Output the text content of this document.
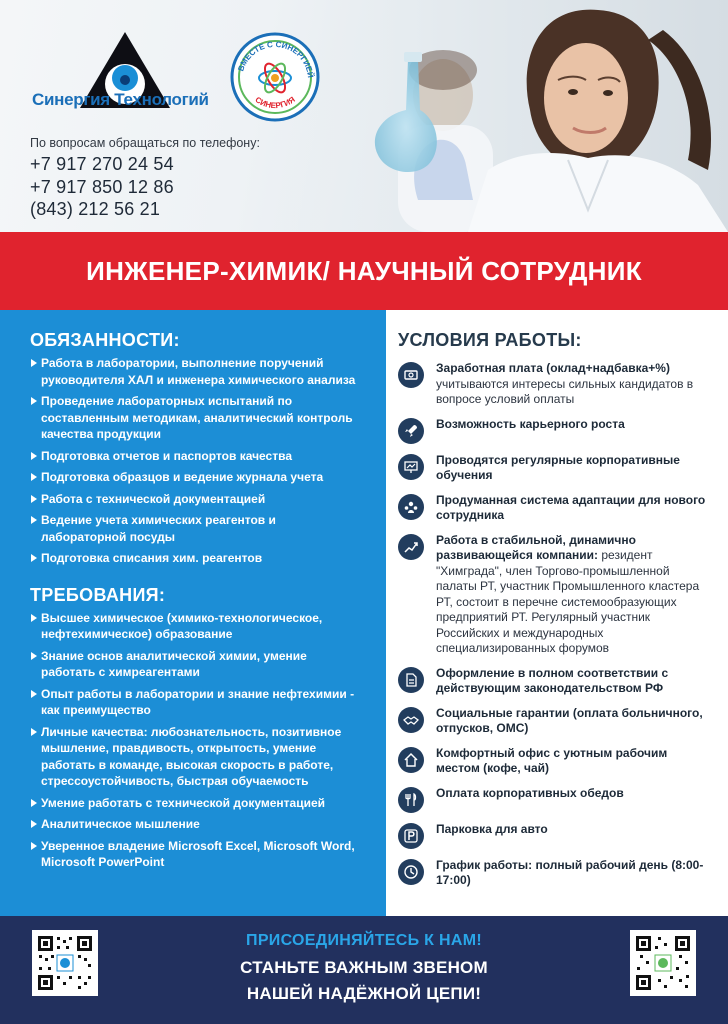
Синергия Технологий
ВМЕСТЕ С СИНЕРГИЕЙ
СИНЕРГИЯ
По вопросам обращаться по телефону:
+7 917 270 24 54
+7 917 850 12 86
(843) 212 56 21
ИНЖЕНЕР-ХИМИК/ НАУЧНЫЙ СОТРУДНИК
ОБЯЗАННОСТИ:
Работа в лаборатории, выполнение поручений руководителя ХАЛ и инженера химического анализа
Проведение лабораторных испытаний по составленным методикам, аналитический контроль качества продукции
Подготовка отчетов и паспортов качества
Подготовка образцов и ведение журнала учета
Работа с технической документацией
Ведение учета химических реагентов и лабораторной посуды
Подготовка списания хим. реагентов
ТРЕБОВАНИЯ:
Высшее химическое (химико-технологическое, нефтехимическое) образование
Знание основ аналитической химии, умение работать с химреагентами
Опыт работы в лаборатории и знание нефтехимии - как преимущество
Личные качества: любознательность, позитивное мышление, правдивость, открытость, умение работать в команде, высокая скорость в работе, стрессоустойчивость, быстрая обучаемость
Умение работать с технической документацией
Аналитическое мышление
Уверенное владение Microsoft Excel, Microsoft Word, Microsoft PowerPoint
УСЛОВИЯ РАБОТЫ:
Заработная плата (оклад+надбавка+%) учитываются интересы сильных кандидатов в вопросе условий оплаты
Возможность карьерного роста
Проводятся регулярные корпоративные обучения
Продуманная система адаптации для нового сотрудника
Работа в стабильной, динамично развивающейся компании: резидент "Химграда", член Торгово-промышленной палаты РТ, участник Промышленного кластера РТ, состоит в перечне системообразующих предприятий РТ. Регулярный участник Российских и международных специализированных форумов
Оформление в полном соответствии с действующим законодательством РФ
Социальные гарантии (оплата больничного, отпусков, ОМС)
Комфортный офис с уютным рабочим местом (кофе, чай)
Оплата корпоративных обедов
Парковка для авто
График работы: полный рабочий день (8:00-17:00)
ПРИСОЕДИНЯЙТЕСЬ К НАМ!
СТАНЬТЕ ВАЖНЫМ ЗВЕНОМ
НАШЕЙ НАДЁЖНОЙ ЦЕПИ!
